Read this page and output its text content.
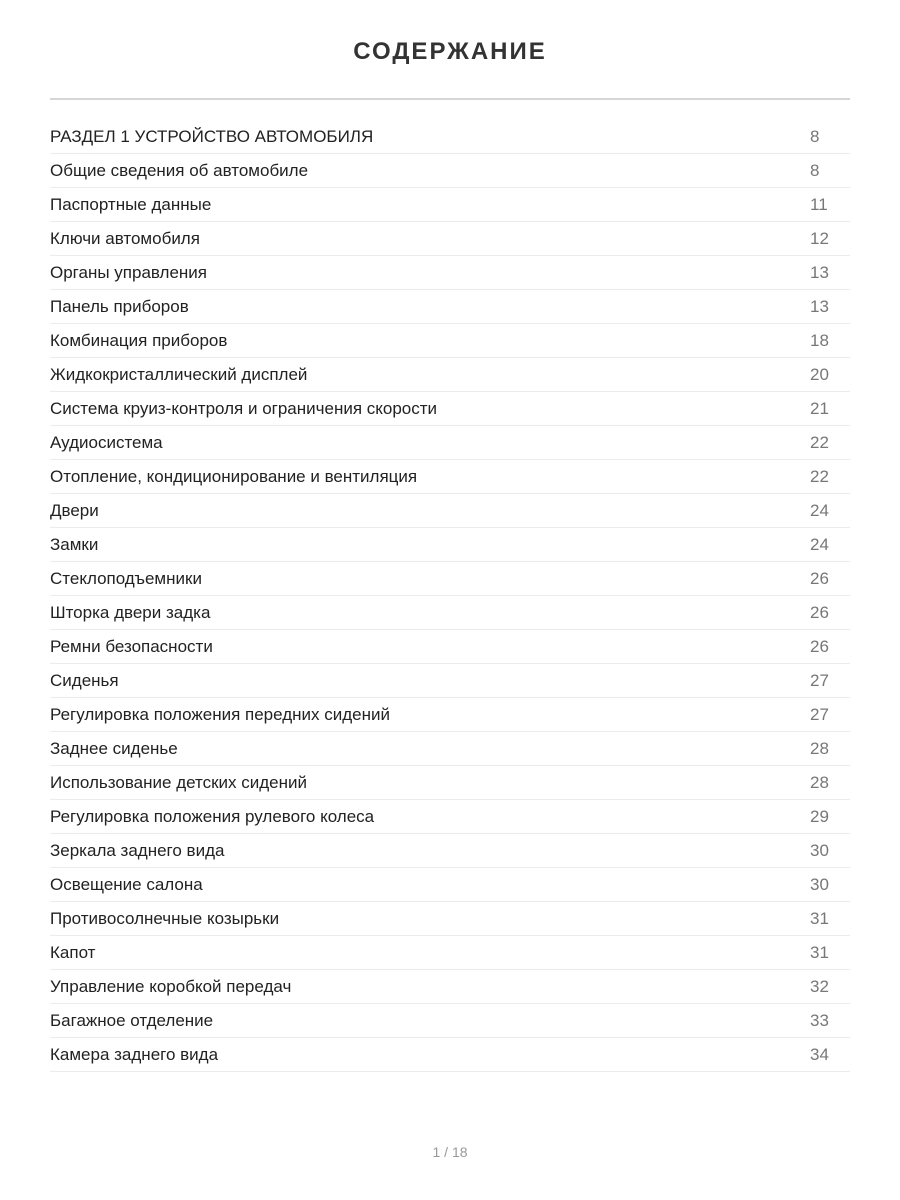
СОДЕРЖАНИЕ
РАЗДЕЛ 1 УСТРОЙСТВО АВТОМОБИЛЯ	8
Общие сведения об автомобиле	8
Паспортные данные	11
Ключи автомобиля	12
Органы управления	13
Панель приборов	13
Комбинация приборов	18
Жидкокристаллический дисплей	20
Система круиз-контроля и ограничения скорости	21
Аудиосистема	22
Отопление, кондиционирование и вентиляция	22
Двери	24
Замки	24
Стеклоподъемники	26
Шторка двери задка	26
Ремни безопасности	26
Сиденья	27
Регулировка положения передних сидений	27
Заднее сиденье	28
Использование детских сидений	28
Регулировка положения рулевого колеса	29
Зеркала заднего вида	30
Освещение салона	30
Противосолнечные козырьки	31
Капот	31
Управление коробкой передач	32
Багажное отделение	33
Камера заднего вида	34
1 / 18
